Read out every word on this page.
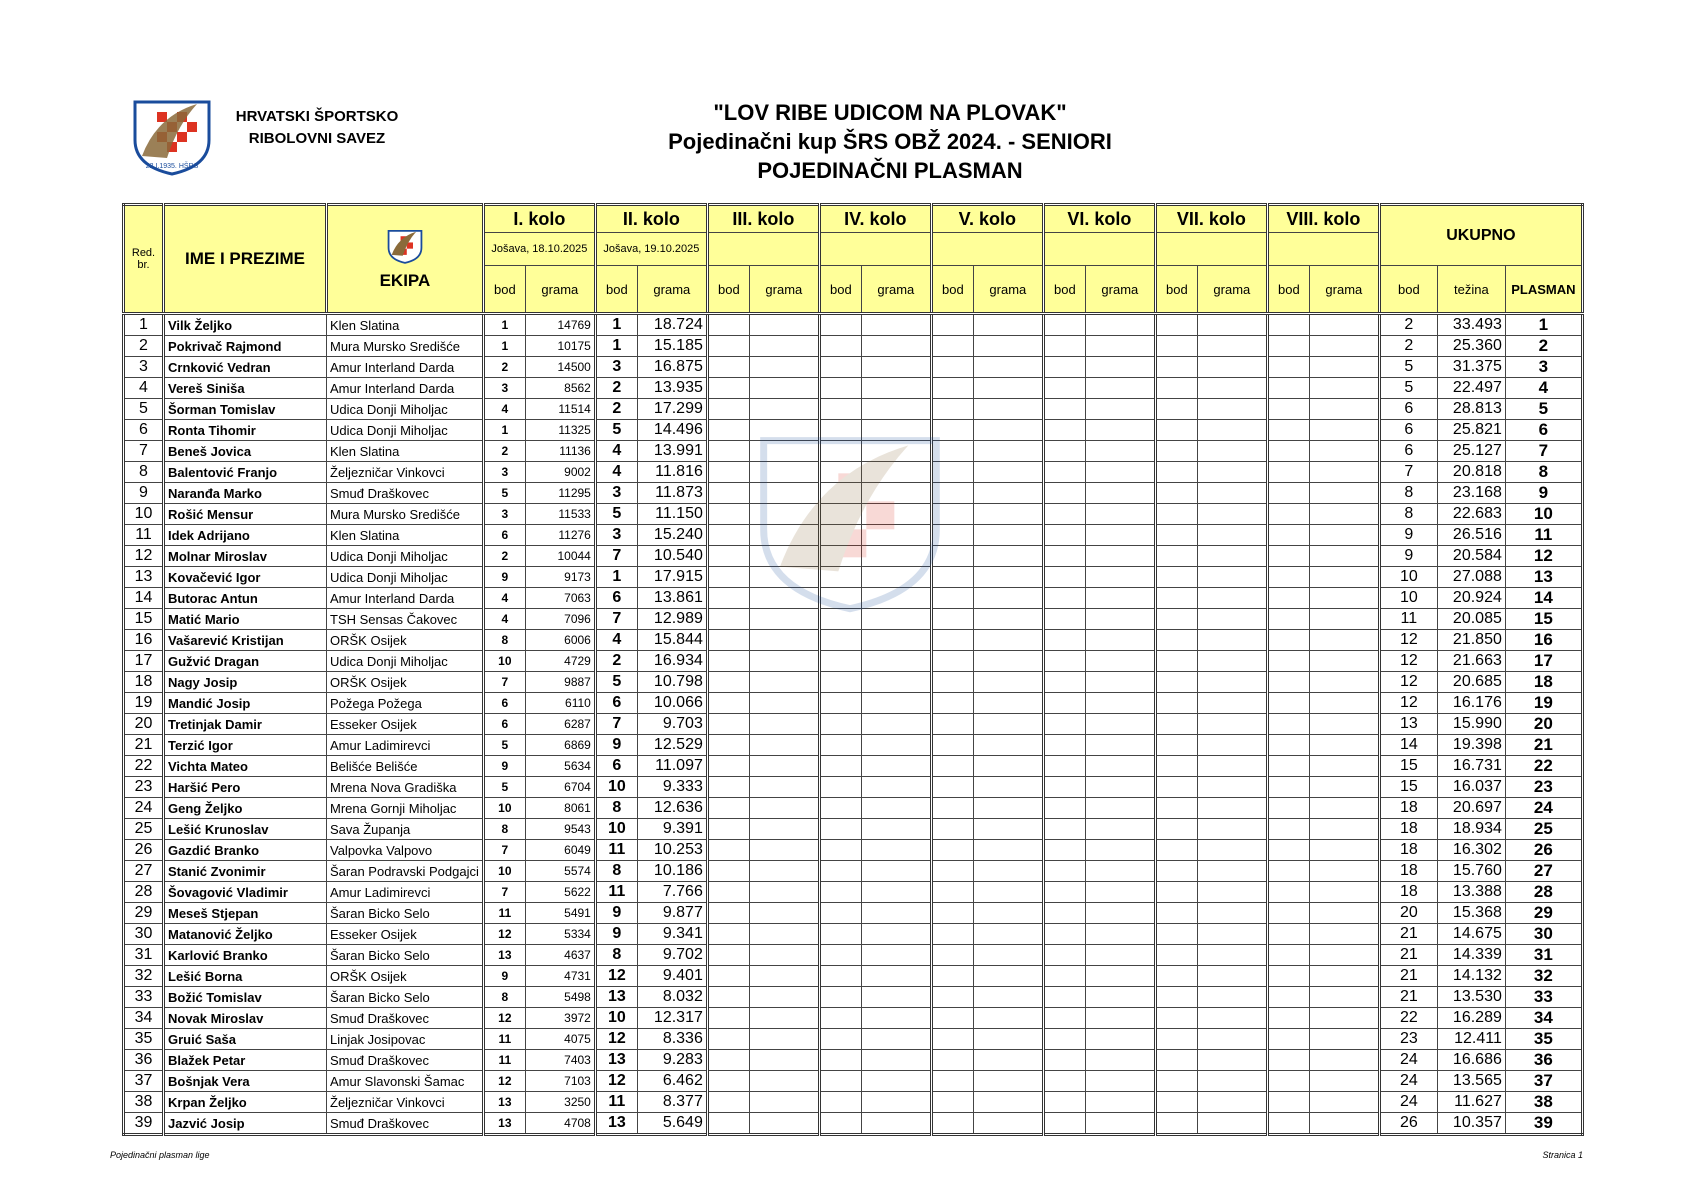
22.I.1935. HŠRS
HRVATSKI ŠPORTSKO
RIBOLOVNI SAVEZ
"LOV RIBE UDICOM NA PLOVAK"
Pojedinačni kup ŠRS OBŽ 2024. - SENIORI
POJEDINAČNI PLASMAN
Red. br.	IME I PREZIME	EKIPA	I. kolo		II. kolo		III. kolo		IV. kolo		V. kolo		VI. kolo		VII. kolo		VIII. kolo		UKUPNO		
			Jošava, 18.10.2025		Jošava, 19.10.2025																
			bod	grama	bod	grama	bod	grama	bod	grama	bod	grama	bod	grama	bod	grama	bod	grama	bod	težina	PLASMAN
1	Vilk Željko	Klen Slatina	1	14769	1	18.724													2	33.493	1
2	Pokrivač Rajmond	Mura Mursko Središće	1	10175	1	15.185													2	25.360	2
3	Crnković Vedran	Amur Interland Darda	2	14500	3	16.875													5	31.375	3
4	Vereš Siniša	Amur Interland Darda	3	8562	2	13.935													5	22.497	4
5	Šorman Tomislav	Udica Donji Miholjac	4	11514	2	17.299													6	28.813	5
6	Ronta Tihomir	Udica Donji Miholjac	1	11325	5	14.496													6	25.821	6
7	Beneš Jovica	Klen Slatina	2	11136	4	13.991													6	25.127	7
8	Balentović Franjo	Željezničar Vinkovci	3	9002	4	11.816													7	20.818	8
9	Naranđa Marko	Smuđ Draškovec	5	11295	3	11.873													8	23.168	9
10	Rošić Mensur	Mura Mursko Središće	3	11533	5	11.150													8	22.683	10
11	Idek Adrijano	Klen Slatina	6	11276	3	15.240													9	26.516	11
12	Molnar Miroslav	Udica Donji Miholjac	2	10044	7	10.540													9	20.584	12
13	Kovačević Igor	Udica Donji Miholjac	9	9173	1	17.915													10	27.088	13
14	Butorac Antun	Amur Interland Darda	4	7063	6	13.861													10	20.924	14
15	Matić Mario	TSH Sensas Čakovec	4	7096	7	12.989													11	20.085	15
16	Vašarević Kristijan	ORŠK Osijek	8	6006	4	15.844													12	21.850	16
17	Gužvić Dragan	Udica Donji Miholjac	10	4729	2	16.934													12	21.663	17
18	Nagy Josip	ORŠK Osijek	7	9887	5	10.798													12	20.685	18
19	Mandić Josip	Požega Požega	6	6110	6	10.066													12	16.176	19
20	Tretinjak Damir	Esseker Osijek	6	6287	7	9.703													13	15.990	20
21	Terzić Igor	Amur Ladimirevci	5	6869	9	12.529													14	19.398	21
22	Vichta Mateo	Belišće Belišće	9	5634	6	11.097													15	16.731	22
23	Haršić Pero	Mrena Nova Gradiška	5	6704	10	9.333													15	16.037	23
24	Geng Željko	Mrena Gornji Miholjac	10	8061	8	12.636													18	20.697	24
25	Lešić Krunoslav	Sava Županja	8	9543	10	9.391													18	18.934	25
26	Gazdić Branko	Valpovka Valpovo	7	6049	11	10.253													18	16.302	26
27	Stanić Zvonimir	Šaran Podravski Podgajci	10	5574	8	10.186													18	15.760	27
28	Šovagović Vladimir	Amur Ladimirevci	7	5622	11	7.766													18	13.388	28
29	Meseš Stjepan	Šaran Bicko Selo	11	5491	9	9.877													20	15.368	29
30	Matanović Željko	Esseker Osijek	12	5334	9	9.341													21	14.675	30
31	Karlović Branko	Šaran Bicko Selo	13	4637	8	9.702													21	14.339	31
32	Lešić Borna	ORŠK Osijek	9	4731	12	9.401													21	14.132	32
33	Božić Tomislav	Šaran Bicko Selo	8	5498	13	8.032													21	13.530	33
34	Novak Miroslav	Smuđ Draškovec	12	3972	10	12.317													22	16.289	34
35	Gruić Saša	Linjak Josipovac	11	4075	12	8.336													23	12.411	35
36	Blažek Petar	Smuđ Draškovec	11	7403	13	9.283													24	16.686	36
37	Bošnjak Vera	Amur Slavonski Šamac	12	7103	12	6.462													24	13.565	37
38	Krpan Željko	Željezničar Vinkovci	13	3250	11	8.377													24	11.627	38
39	Jazvić Josip	Smuđ Draškovec	13	4708	13	5.649													26	10.357	39
Pojedinačni plasman lige	Stranica 1
